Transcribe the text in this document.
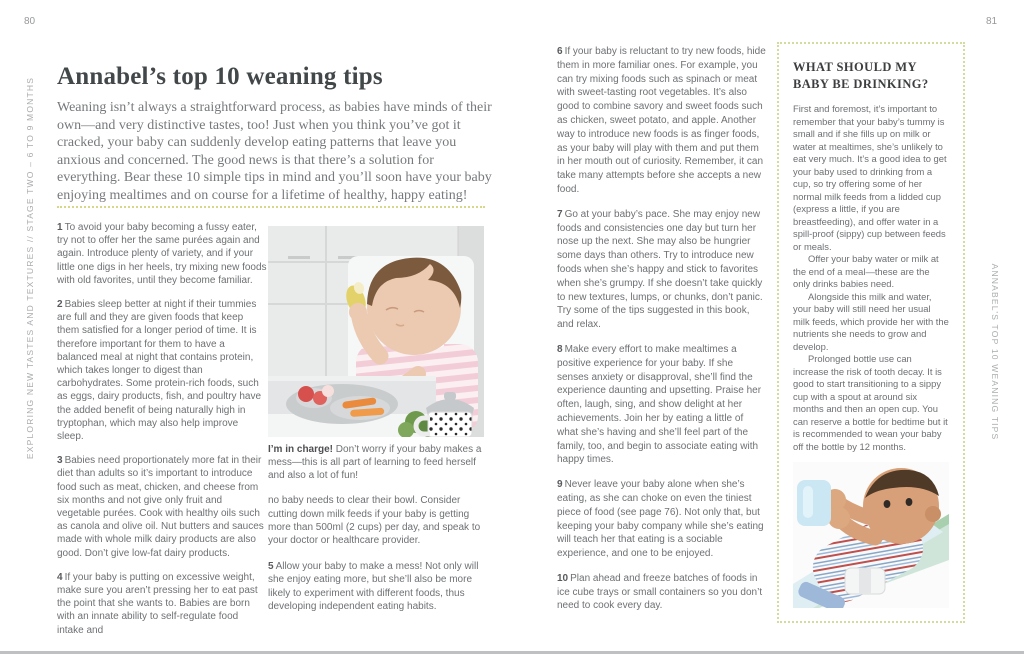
80	81
EXPLORING NEW TASTES AND TEXTURES // STAGE TWO – 6 TO 9 MONTHS	ANNABEL’S TOP 10 WEANING TIPS
Annabel’s top 10 weaning tips

Weaning isn’t always a straightforward process, as babies have minds of their own—and very distinctive tastes, too! Just when you think you’ve got it cracked, your baby can suddenly develop eating patterns that leave you anxious and concerned. The good news is that there’s a solution for everything. Bear these 10 simple tips in mind and you’ll soon have your baby enjoying mealtimes and on course for a lifetime of healthy, happy eating!

1 To avoid your baby becoming a fussy eater, try not to offer her the same purées again and again. Introduce plenty of variety, and if your little one digs in her heels, try mixing new foods with old favorites, until they become familiar.
2 Babies sleep better at night if their tummies are full and they are given foods that keep them satisfied for a longer period of time. It is therefore important for them to have a balanced meal at night that contains protein, which takes longer to digest than carbohydrates. Some protein-rich foods, such as eggs, dairy products, fish, and poultry have the added benefit of being naturally high in tryptophan, which may also help improve sleep.
3 Babies need proportionately more fat in their diet than adults so it’s important to introduce food such as meat, chicken, and cheese from six months and not give only fruit and vegetable purées. Cook with healthy oils such as canola and olive oil. Nut butters and sauces made with whole milk dairy products are also good. Don’t give low-fat dairy products.
4 If your baby is putting on excessive weight, make sure you aren’t pressing her to eat past the point that she wants to. Babies are born with an innate ability to self-regulate food intake and

I’m in charge! Don’t worry if your baby makes a mess—this is all part of learning to feed herself and also a lot of fun!

no baby needs to clear their bowl. Consider cutting down milk feeds if your baby is getting more than 500ml (2 cups) per day, and speak to your doctor or healthcare provider.

5 Allow your baby to make a mess! Not only will she enjoy eating more, but she’ll also be more likely to experiment with different foods, thus developing independent eating habits.
6 If your baby is reluctant to try new foods, hide them in more familiar ones. For example, you can try mixing foods such as spinach or meat with sweet-tasting root vegetables. It’s also good to combine savory and sweet foods such as chicken, sweet potato, and apple. Another way to introduce new foods is as finger foods, as your baby will play with them and put them in her mouth out of curiosity. Remember, it can take many attempts before she accepts a new food.
7 Go at your baby’s pace. She may enjoy new foods and consistencies one day but turn her nose up the next. She may also be hungrier some days than others. Try to introduce new foods when she’s happy and stick to favorites when she’s grumpy. If she doesn’t take quickly to new textures, lumps, or chunks, don’t panic. Try some of the tips suggested in this book, and relax.
8 Make every effort to make mealtimes a positive experience for your baby. If she senses anxiety or disapproval, she’ll find the experience daunting and upsetting. Praise her often, laugh, sing, and show delight at her achievements. Join her by eating a little of what she’s having and she’ll feel part of the family, too, and begin to associate eating with happy times.
9 Never leave your baby alone when she’s eating, as she can choke on even the tiniest piece of food (see page 76). Not only that, but keeping your baby company while she’s eating will teach her that eating is a sociable experience, and one to be enjoyed.
10 Plan ahead and freeze batches of foods in ice cube trays or small containers so you don’t need to cook every day.
WHAT SHOULD MY BABY BE DRINKING?

First and foremost, it’s important to remember that your baby’s tummy is small and if she fills up on milk or water at mealtimes, she’s unlikely to eat very much. It’s a good idea to get your baby used to drinking from a cup, so try offering some of her normal milk feeds from a lidded cup (express a little, if you are breastfeeding), and offer water in a spill-proof (sippy) cup between feeds or meals.

Offer your baby water or milk at the end of a meal—these are the only drinks babies need.

Alongside this milk and water, your baby will still need her usual milk feeds, which provide her with the nutrients she needs to grow and develop.

Prolonged bottle use can increase the risk of tooth decay. It is good to start transitioning to a sippy cup with a spout at around six months and then an open cup. You can reserve a bottle for bedtime but it is recommended to wean your baby off the bottle by 12 months.
